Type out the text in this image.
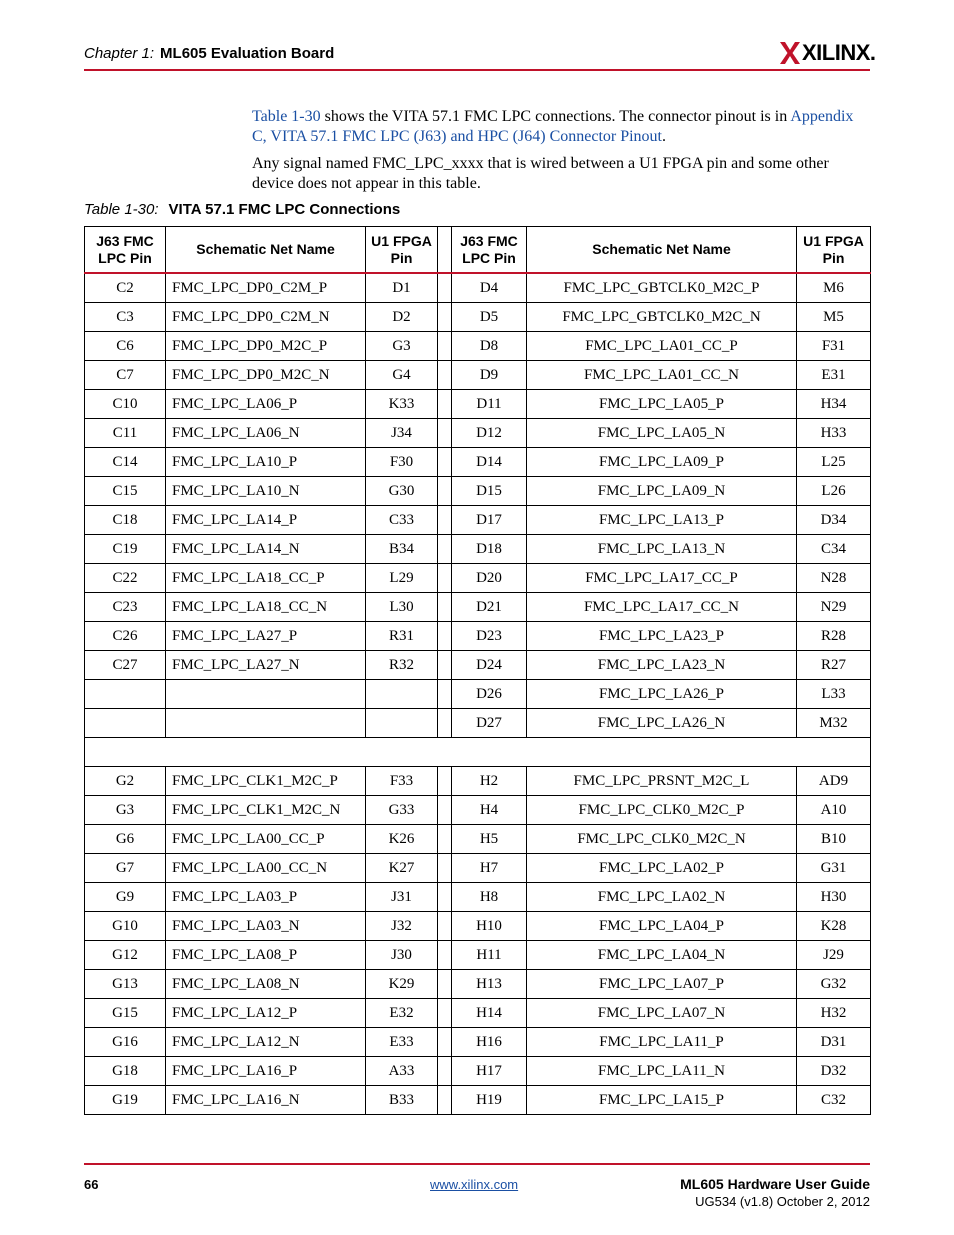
Chapter 1: ML605 Evaluation Board	XILINX.
Table 1-30 shows the VITA 57.1 FMC LPC connections. The connector pinout is in Appendix C, VITA 57.1 FMC LPC (J63) and HPC (J64) Connector Pinout.
Any signal named FMC_LPC_xxxx that is wired between a U1 FPGA pin and some other device does not appear in this table.
Table 1-30: VITA 57.1 FMC LPC Connections
J63 FMC LPC Pin	Schematic Net Name	U1 FPGA Pin		J63 FMC LPC Pin	Schematic Net Name	U1 FPGA Pin
C2	FMC_LPC_DP0_C2M_P	D1		D4	FMC_LPC_GBTCLK0_M2C_P	M6
C3	FMC_LPC_DP0_C2M_N	D2		D5	FMC_LPC_GBTCLK0_M2C_N	M5
C6	FMC_LPC_DP0_M2C_P	G3		D8	FMC_LPC_LA01_CC_P	F31
C7	FMC_LPC_DP0_M2C_N	G4		D9	FMC_LPC_LA01_CC_N	E31
C10	FMC_LPC_LA06_P	K33		D11	FMC_LPC_LA05_P	H34
C11	FMC_LPC_LA06_N	J34		D12	FMC_LPC_LA05_N	H33
C14	FMC_LPC_LA10_P	F30		D14	FMC_LPC_LA09_P	L25
C15	FMC_LPC_LA10_N	G30		D15	FMC_LPC_LA09_N	L26
C18	FMC_LPC_LA14_P	C33		D17	FMC_LPC_LA13_P	D34
C19	FMC_LPC_LA14_N	B34		D18	FMC_LPC_LA13_N	C34
C22	FMC_LPC_LA18_CC_P	L29		D20	FMC_LPC_LA17_CC_P	N28
C23	FMC_LPC_LA18_CC_N	L30		D21	FMC_LPC_LA17_CC_N	N29
C26	FMC_LPC_LA27_P	R31		D23	FMC_LPC_LA23_P	R28
C27	FMC_LPC_LA27_N	R32		D24	FMC_LPC_LA23_N	R27
				D26	FMC_LPC_LA26_P	L33
				D27	FMC_LPC_LA26_N	M32

G2	FMC_LPC_CLK1_M2C_P	F33		H2	FMC_LPC_PRSNT_M2C_L	AD9
G3	FMC_LPC_CLK1_M2C_N	G33		H4	FMC_LPC_CLK0_M2C_P	A10
G6	FMC_LPC_LA00_CC_P	K26		H5	FMC_LPC_CLK0_M2C_N	B10
G7	FMC_LPC_LA00_CC_N	K27		H7	FMC_LPC_LA02_P	G31
G9	FMC_LPC_LA03_P	J31		H8	FMC_LPC_LA02_N	H30
G10	FMC_LPC_LA03_N	J32		H10	FMC_LPC_LA04_P	K28
G12	FMC_LPC_LA08_P	J30		H11	FMC_LPC_LA04_N	J29
G13	FMC_LPC_LA08_N	K29		H13	FMC_LPC_LA07_P	G32
G15	FMC_LPC_LA12_P	E32		H14	FMC_LPC_LA07_N	H32
G16	FMC_LPC_LA12_N	E33		H16	FMC_LPC_LA11_P	D31
G18	FMC_LPC_LA16_P	A33		H17	FMC_LPC_LA11_N	D32
G19	FMC_LPC_LA16_N	B33		H19	FMC_LPC_LA15_P	C32
66	www.xilinx.com	ML605 Hardware User Guide
UG534 (v1.8) October 2, 2012
